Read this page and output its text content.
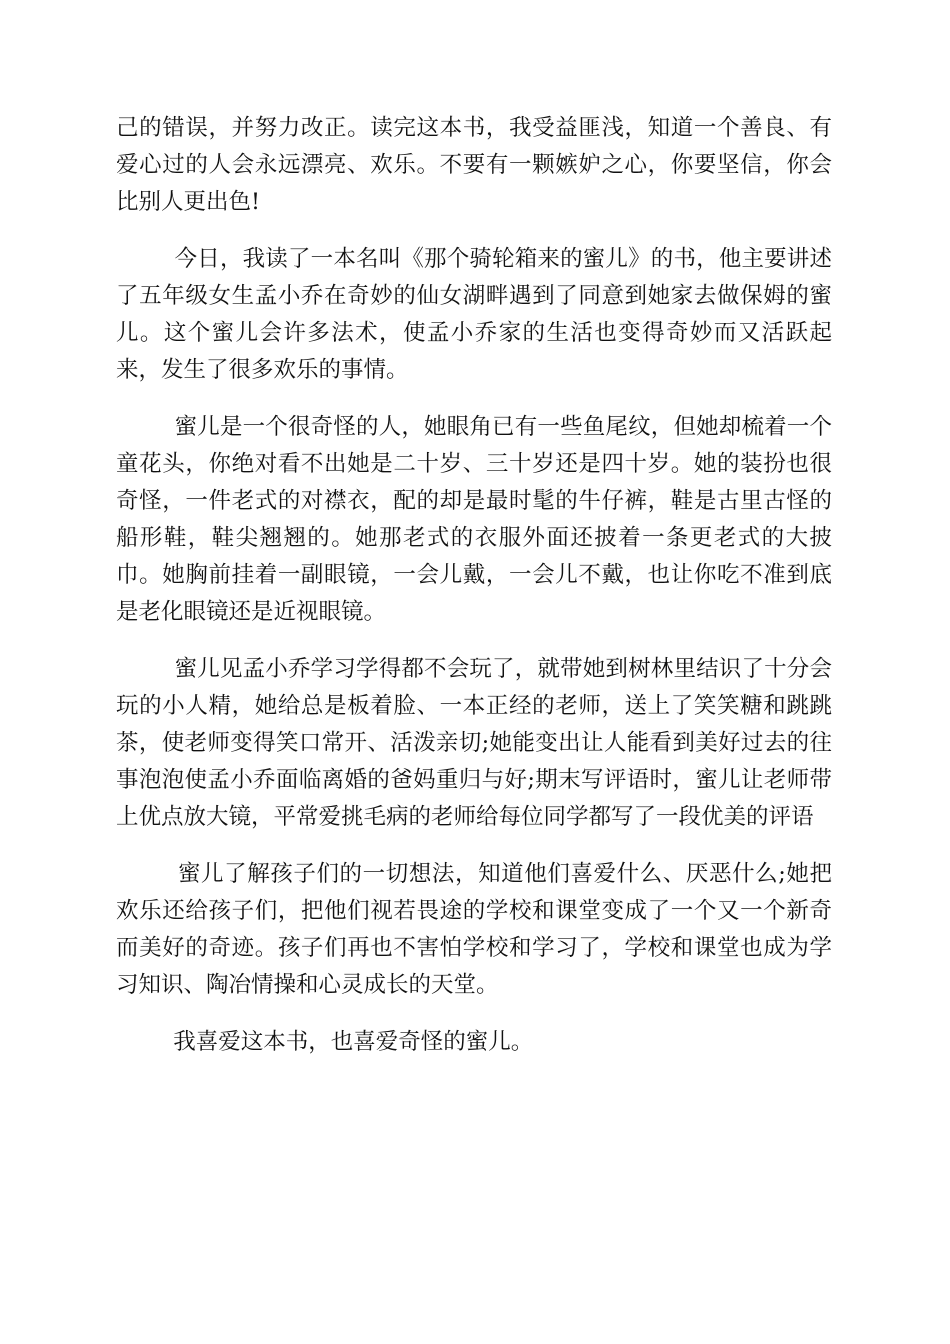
己的错误，并努力改正。读完这本书，我受益匪浅，知道一个善良、有爱心过的人会永远漂亮、欢乐。不要有一颗嫉妒之心，你要坚信，你会比别人更出色!

今日，我读了一本名叫《那个骑轮箱来的蜜儿》的书，他主要讲述了五年级女生孟小乔在奇妙的仙女湖畔遇到了同意到她家去做保姆的蜜儿。这个蜜儿会许多法术，使孟小乔家的生活也变得奇妙而又活跃起来，发生了很多欢乐的事情。

蜜儿是一个很奇怪的人，她眼角已有一些鱼尾纹，但她却梳着一个童花头，你绝对看不出她是二十岁、三十岁还是四十岁。她的装扮也很奇怪，一件老式的对襟衣，配的却是最时髦的牛仔裤，鞋是古里古怪的船形鞋，鞋尖翘翘的。她那老式的衣服外面还披着一条更老式的大披巾。她胸前挂着一副眼镜，一会儿戴，一会儿不戴，也让你吃不准到底是老化眼镜还是近视眼镜。

蜜儿见孟小乔学习学得都不会玩了，就带她到树林里结识了十分会玩的小人精，她给总是板着脸、一本正经的老师，送上了笑笑糖和跳跳茶，使老师变得笑口常开、活泼亲切;她能变出让人能看到美好过去的往事泡泡使孟小乔面临离婚的爸妈重归与好;期末写评语时，蜜儿让老师带上优点放大镜，平常爱挑毛病的老师给每位同学都写了一段优美的评语

蜜儿了解孩子们的一切想法，知道他们喜爱什么、厌恶什么;她把欢乐还给孩子们，把他们视若畏途的学校和课堂变成了一个又一个新奇而美好的奇迹。孩子们再也不害怕学校和学习了，学校和课堂也成为学习知识、陶冶情操和心灵成长的天堂。

我喜爱这本书，也喜爱奇怪的蜜儿。
